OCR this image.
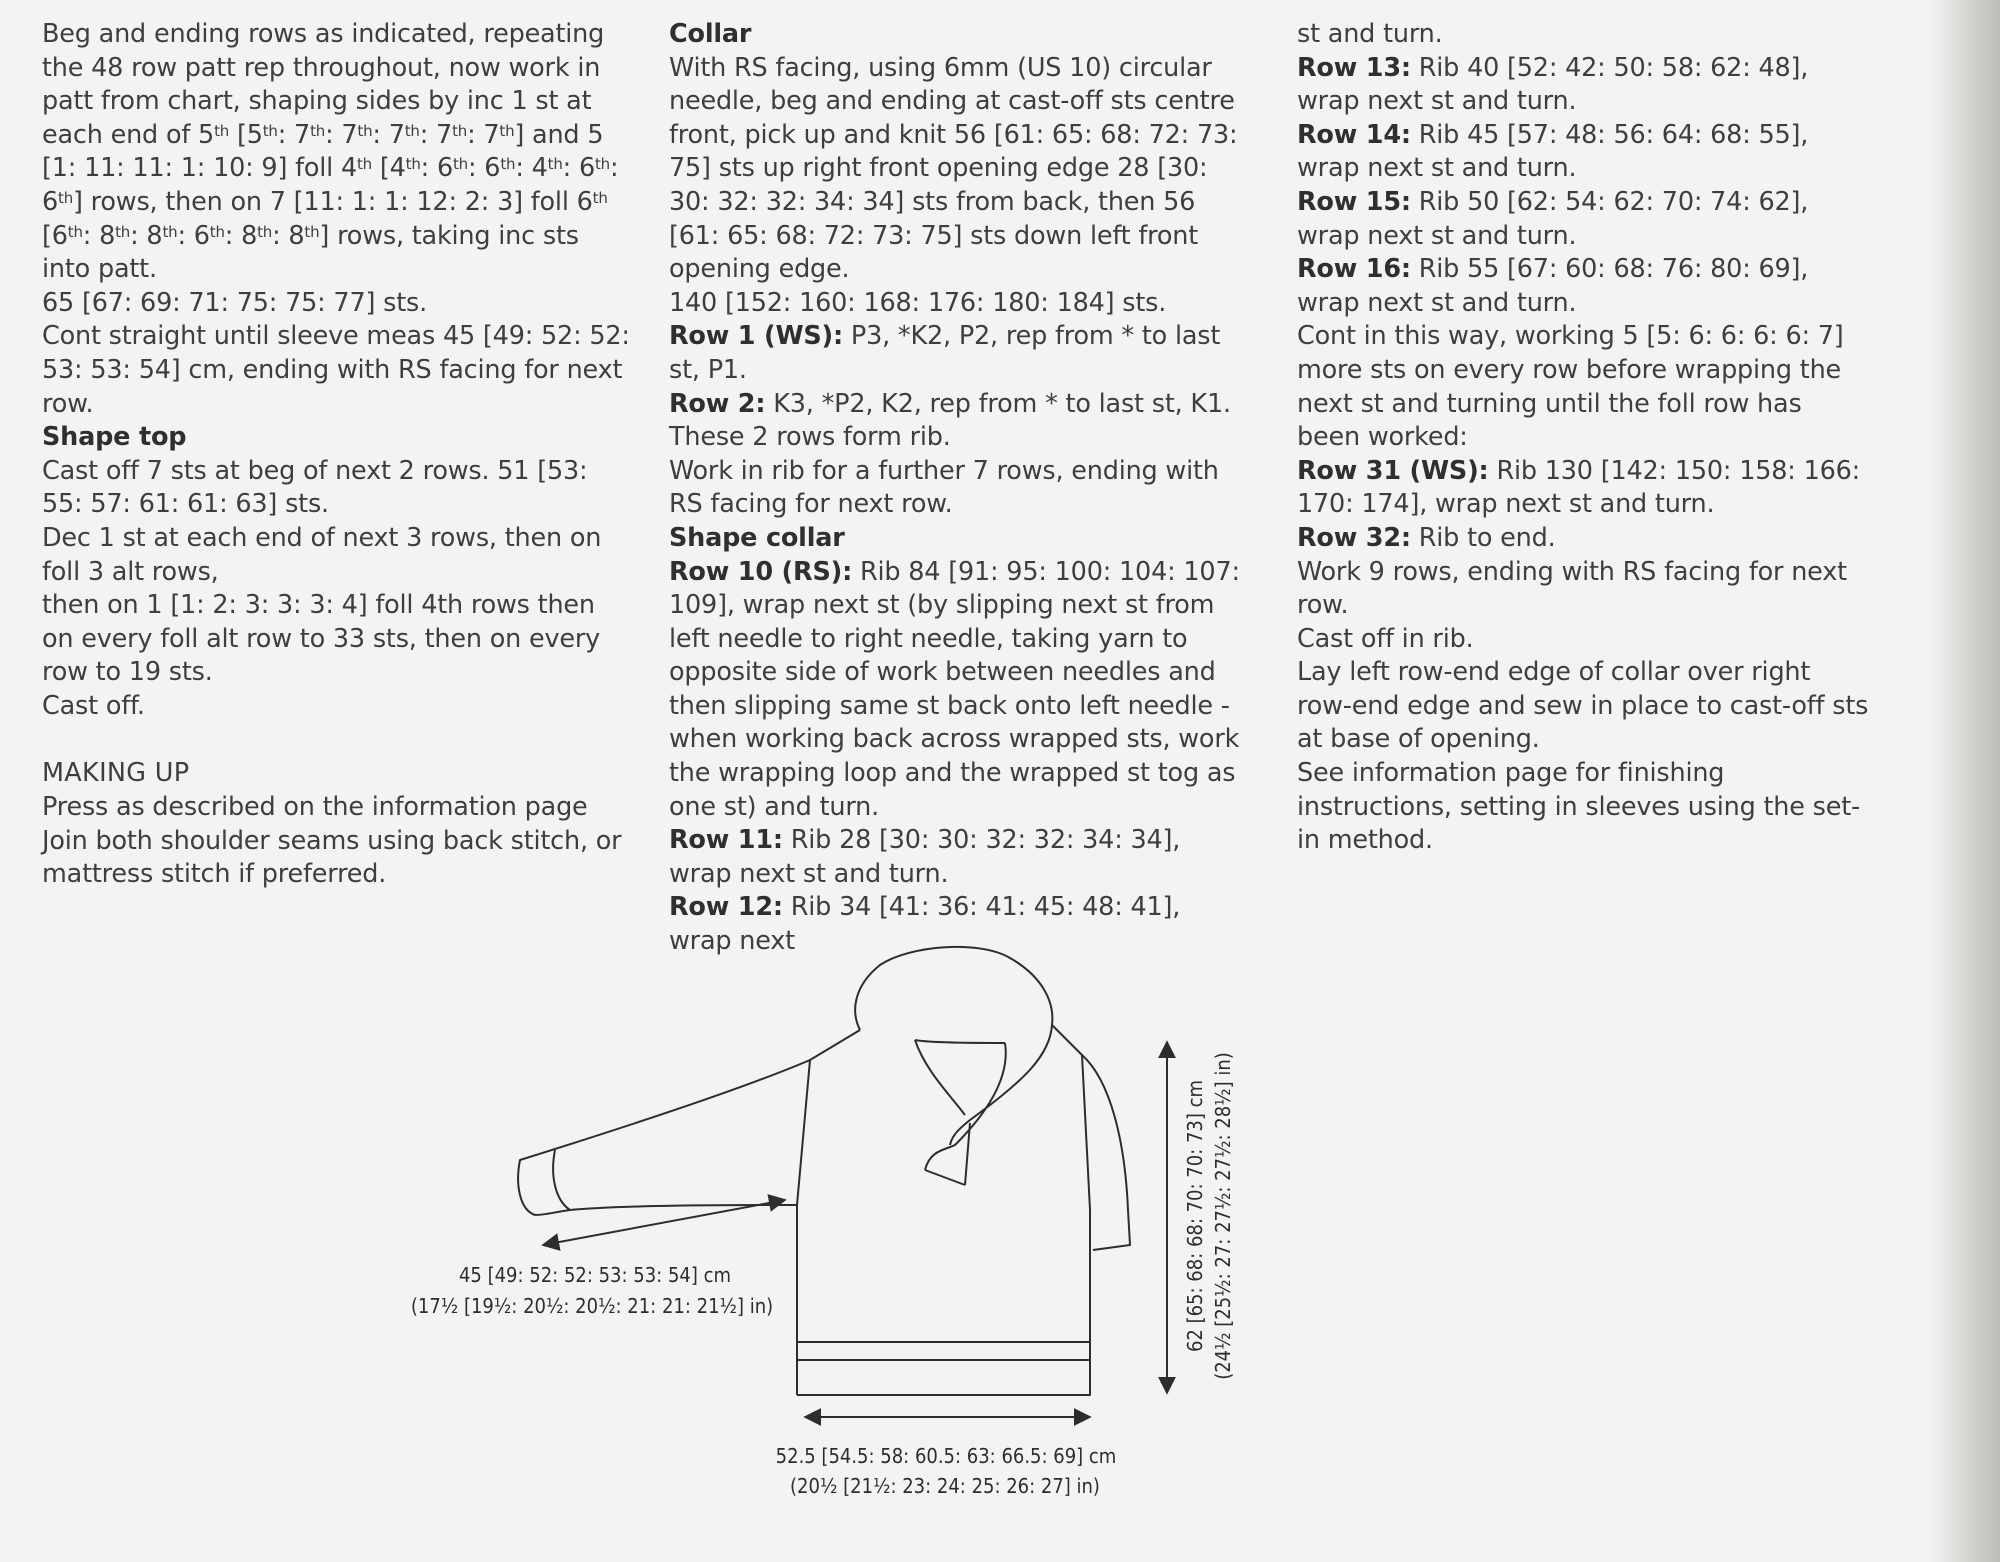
Beg and ending rows as indicated, repeating the 48 row patt rep throughout, now work in patt from chart, shaping sides by inc 1 st at each end of 5th [5th: 7th: 7th: 7th: 7th: 7th] and 5 [1: 11: 11: 1: 10: 9] foll 4th [4th: 6th: 6th: 4th: 6th: 6th] rows, then on 7 [11: 1: 1: 12: 2: 3] foll 6th [6th: 8th: 8th: 6th: 8th: 8th] rows, taking inc sts into patt.

65 [67: 69: 71: 75: 75: 77] sts.

Cont straight until sleeve meas 45 [49: 52: 52: 53: 53: 54] cm, ending with RS facing for next row.

Shape top

Cast off 7 sts at beg of next 2 rows. 51 [53: 55: 57: 61: 61: 63] sts.

Dec 1 st at each end of next 3 rows, then on foll 3 alt rows,

then on 1 [1: 2: 3: 3: 3: 4] foll 4th rows then on every foll alt row to 33 sts, then on every row to 19 sts.

Cast off.

MAKING UP

Press as described on the information page

Join both shoulder seams using back stitch, or mattress stitch if preferred.

Collar

With RS facing, using 6mm (US 10) circular needle, beg and ending at cast-off sts centre front, pick up and knit 56 [61: 65: 68: 72: 73: 75] sts up right front opening edge 28 [30: 30: 32: 32: 34: 34] sts from back, then 56 [61: 65: 68: 72: 73: 75] sts down left front opening edge.

140 [152: 160: 168: 176: 180: 184] sts.

Row 1 (WS): P3, *K2, P2, rep from * to last st, P1.

Row 2: K3, *P2, K2, rep from * to last st, K1.

These 2 rows form rib.

Work in rib for a further 7 rows, ending with RS facing for next row.

Shape collar

Row 10 (RS): Rib 84 [91: 95: 100: 104: 107: 109], wrap next st (by slipping next st from left needle to right needle, taking yarn to opposite side of work between needles and then slipping same st back onto left needle - when working back across wrapped sts, work the wrapping loop and the wrapped st tog as one st) and turn.

Row 11: Rib 28 [30: 30: 32: 32: 34: 34], wrap next st and turn.

Row 12: Rib 34 [41: 36: 41: 45: 48: 41], wrap next

st and turn.

Row 13: Rib 40 [52: 42: 50: 58: 62: 48], wrap next st and turn.

Row 14: Rib 45 [57: 48: 56: 64: 68: 55], wrap next st and turn.

Row 15: Rib 50 [62: 54: 62: 70: 74: 62], wrap next st and turn.

Row 16: Rib 55 [67: 60: 68: 76: 80: 69], wrap next st and turn.

Cont in this way, working 5 [5: 6: 6: 6: 6: 7] more sts on every row before wrapping the next st and turning until the foll row has been worked:

Row 31 (WS): Rib 130 [142: 150: 158: 166: 170: 174], wrap next st and turn.

Row 32: Rib to end.

Work 9 rows, ending with RS facing for next row.

Cast off in rib.

Lay left row-end edge of collar over right row-end edge and sew in place to cast-off sts at base of opening.

See information page for finishing instructions, setting in sleeves using the set-in method.

45 [49: 52: 52: 53: 53: 54] cm
(17½ [19½: 20½: 20½: 21: 21: 21½] in)
52.5 [54.5: 58: 60.5: 63: 66.5: 69] cm
(20½ [21½: 23: 24: 25: 26: 27] in)
62 [65: 68: 68: 70: 70: 73] cm (24½ [25½: 27: 27½: 27½: 28½] in)
